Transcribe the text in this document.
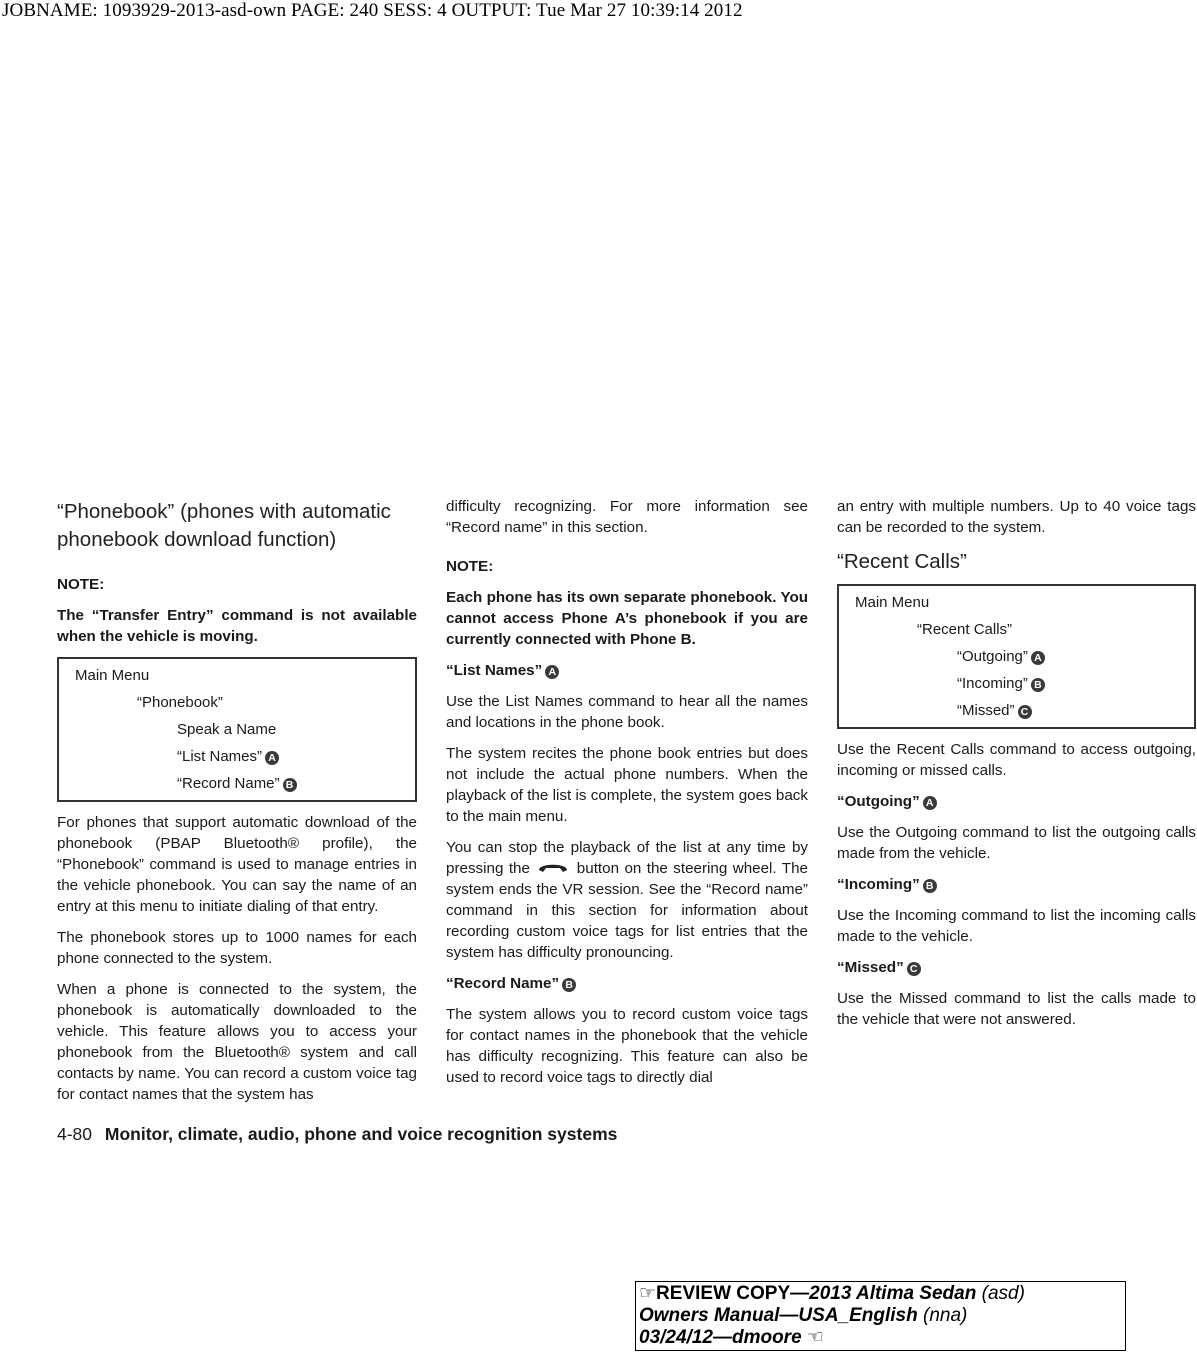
JOBNAME: 1093929-2013-asd-own PAGE: 240 SESS: 4 OUTPUT: Tue Mar 27 10:39:14 2012
“Phonebook” (phones with automatic phonebook download function)
NOTE:
The “Transfer Entry” command is not available when the vehicle is moving.
Main Menu
“Phonebook”
Speak a Name
“List Names” A
“Record Name” B

For phones that support automatic download of the phonebook (PBAP Bluetooth® profile), the “Phonebook” command is used to manage entries in the vehicle phonebook. You can say the name of an entry at this menu to initiate dialing of that entry.

The phonebook stores up to 1000 names for each phone connected to the system.

When a phone is connected to the system, the phonebook is automatically downloaded to the vehicle. This feature allows you to access your phonebook from the Bluetooth® system and call contacts by name. You can record a custom voice tag for contact names that the system has

difficulty recognizing. For more information see “Record name” in this section.

NOTE:
Each phone has its own separate phonebook. You cannot access Phone A’s phonebook if you are currently connected with Phone B.
“List Names” A

Use the List Names command to hear all the names and locations in the phone book.

The system recites the phone book entries but does not include the actual phone numbers. When the playback of the list is complete, the system goes back to the main menu.

You can stop the playback of the list at any time by pressing the	button on the steering wheel. The system ends the VR session. See the “Record name” command in this section for information about recording custom voice tags for list entries that the system has difficulty pronouncing.

“Record Name” B

The system allows you to record custom voice tags for contact names in the phonebook that the vehicle has difficulty recognizing. This feature can also be used to record voice tags to directly dial

an entry with multiple numbers. Up to 40 voice tags can be recorded to the system.

“Recent Calls”
Main Menu
“Recent Calls”
“Outgoing” A
“Incoming” B
“Missed” C

Use the Recent Calls command to access outgoing, incoming or missed calls.

“Outgoing” A

Use the Outgoing command to list the outgoing calls made from the vehicle.

“Incoming” B

Use the Incoming command to list the incoming calls made to the vehicle.

“Missed” C

Use the Missed command to list the calls made to the vehicle that were not answered.

4-80 Monitor, climate, audio, phone and voice recognition systems
☞REVIEW COPY—2013 Altima Sedan (asd)
Owners Manual—USA_English (nna)
03/24/12—dmoore ☜
